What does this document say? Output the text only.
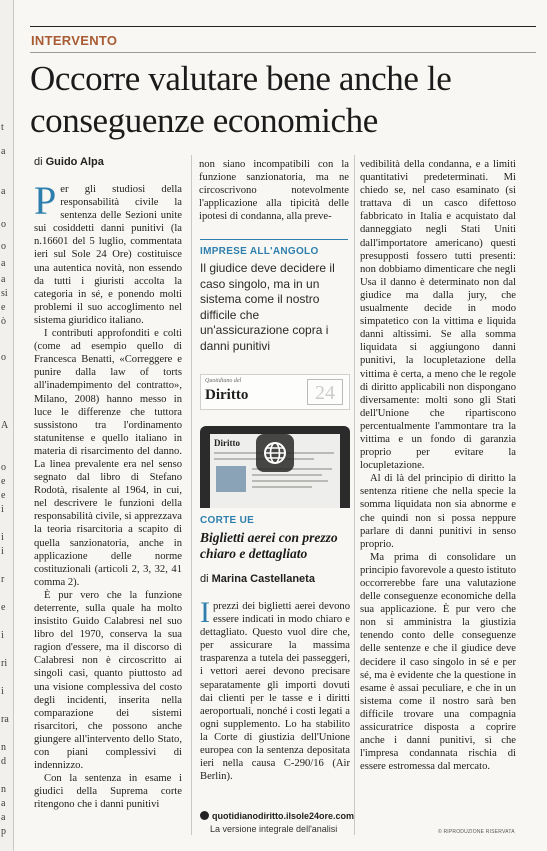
t
a
a
o
o
a
a
si
e
ò
o
A
o
e
e
i
i
i
r
e
i
ri
i
ra
n
d
n
a
a
p
INTERVENTO
Occorre valutare bene anche le conseguenze economiche
di Guido Alpa

Per gli studiosi della responsabilità civile la sentenza delle Sezioni unite sui cosiddetti danni punitivi (la n.16601 del 5 luglio, commentata ieri sul Sole 24 Ore) costituisce una autentica novità, non essendo da tutti i giuristi accolta la categoria in sé, e ponendo molti problemi il suo accoglimento nel sistema giuridico italiano.

I contributi approfonditi e colti (come ad esempio quello di Francesca Benatti, «Correggere e punire dalla law of torts all'inadempimento del contratto», Milano, 2008) hanno messo in luce le differenze che tuttora sussistono tra l'ordinamento statunitense e quello italiano in materia di risarcimento del danno. La linea prevalente era nel senso segnato dal libro di Stefano Rodotà, risalente al 1964, in cui, nel descrivere le funzioni della responsabilità civile, si apprezzava la teoria risarcitoria a scapito di quella sanzionatoria, anche in applicazione delle norme costituzionali (articoli 2, 3, 32, 41 comma 2).

È pur vero che la funzione deterrente, sulla quale ha molto insistito Guido Calabresi nel suo libro del 1970, conserva la sua ragion d'essere, ma il discorso di Calabresi non è circoscritto ai singoli casi, quanto piuttosto ad una visione complessiva del costo degli incidenti, inserita nella comparazione dei sistemi risarcitori, che possono anche giungere all'intervento dello Stato, con piani complessivi di indennizzo.

Con la sentenza in esame i giudici della Suprema corte ritengono che i danni punitivi

non siano incompatibili con la funzione sanzionatoria, ma ne circoscrivono notevolmente l'applicazione alla tipicità delle ipotesi di condanna, alla preve-

IMPRESE ALL'ANGOLO
Il giudice deve decidere il caso singolo, ma in un sistema come il nostro difficile che un'assicurazione copra i danni punitivi
Quotidiano del
Diritto	24
Diritto
CORTE UE
Biglietti aerei con prezzo chiaro e dettagliato
di Marina Castellaneta

Iprezzi dei biglietti aerei devono essere indicati in modo chiaro e dettagliato. Questo vuol dire che, per assicurare la massima trasparenza a tutela dei passeggeri, i vettori aerei devono precisare separatamente gli importi dovuti dai clienti per le tasse e i diritti aeroportuali, nonché i costi legati a ogni supplemento. Lo ha stabilito la Corte di giustizia dell'Unione europea con la sentenza depositata ieri nella causa C-290/16 (Air Berlin).

quotidianodiritto.ilsole24ore.com
La versione integrale dell'analisi

vedibilità della condanna, e a limiti quantitativi predeterminati. Mi chiedo se, nel caso esaminato (si trattava di un casco difettoso fabbricato in Italia e acquistato dal danneggiato negli Stati Uniti dall'importatore americano) questi presupposti fossero tutti presenti: non dobbiamo dimenticare che negli Usa il danno è determinato non dal giudice ma dalla jury, che usualmente decide in modo simpatetico con la vittima e liquida danni altissimi. Se alla somma liquidata si aggiungono danni punitivi, la locupletazione della vittima è certa, a meno che le regole di diritto applicabili non dispongano diversamente: molti sono gli Stati dell'Unione che ripartiscono percentualmente l'ammontare tra la vittima e un fondo di garanzia proprio per evitare la locupletazione.

Al di là del principio di diritto la sentenza ritiene che nella specie la somma liquidata non sia abnorme e che quindi non si possa neppure parlare di danni punitivi in senso proprio.

Ma prima di consolidare un principio favorevole a questo istituto occorrerebbe fare una valutazione delle conseguenze economiche della sua applicazione. È pur vero che non si amministra la giustizia tenendo conto delle conseguenze delle sentenze e che il giudice deve decidere il caso singolo in sé e per sé, ma è evidente che la questione in esame è assai peculiare, e che in un sistema come il nostro sarà ben difficile trovare una compagnia assicuratrice disposta a coprire anche i danni punitivi, sì che l'impresa condannata rischia di essere estromessa dal mercato.

© RIPRODUZIONE RISERVATA
